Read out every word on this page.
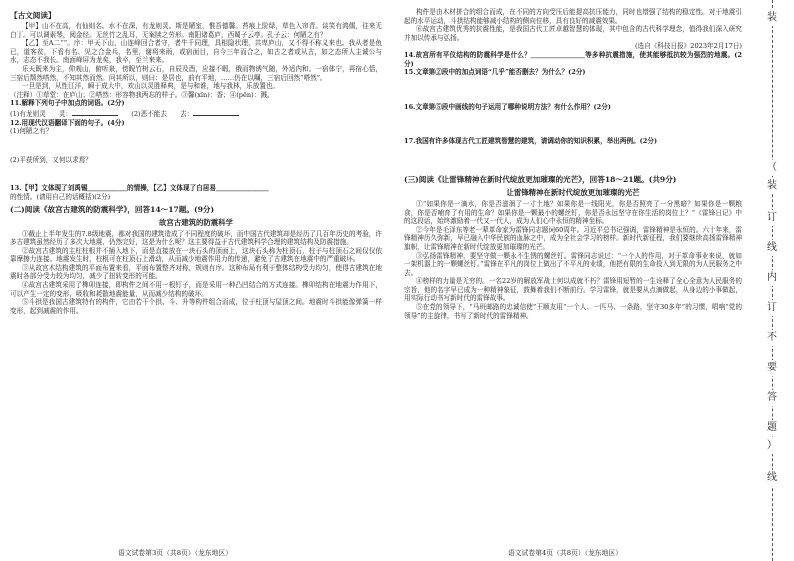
【古文阅读】

【甲】山不在高，有仙则名。水不在深，有龙则灵。斯是陋室，惟吾德馨。苔痕上阶绿，草色入帘青。谈笑有鸿儒，往来无白丁。可以调素琴，阅金经。无丝竹之乱耳，无案牍之劳形。南阳诸葛庐，西蜀子云亭。孔子云：何陋之有？

【乙】至A二“”。序：甲天下山，山连峰回合者守，者牛千同理，具相隐状理，共卑庐山，又不得不称义来也。我从者是鱼已，道客贫，下看有名、见之合金兵，名里，谢将来雨，或宿面目，自今三年而合之，如古之者或从古，如之态所人主诚公与水，志态不我长。南面峰屏为龙矣，我卒，至兰来来。

乐天既来为主，仰观山，俯听泉，傍睨竹树云石，自辰及酉，应接不暇，俄而物诱气随，外适内和。一宿体宁，再宿心恬，三宿后颓然嗒然，不知其然而然。问其所以，则曰：是居也，前有平地，……仍在以嘱，三宿后回然“嗒然”。

一旦是到，从性江洋，瞬于成大中，欢山以灵胜释典，是与和谁，地与我林，乐放置也。

（注释）①草堂：在庐山；②嗒然：形容物我两忘的样子。③馨(xīn)：香；④(pēn)：溅。

11.解释下列句子中加点的词语。(2分)

(1)有龙则灵　　灵：　　	(2)恶不能去　　去：

12.用现代汉语翻译下面的句子。(4分)

(1)何陋之有？

(2)平获所到，又何以求焉？

13.【甲】文体现了刘禹锡＿＿＿＿＿＿的情操，【乙】文体现了白居易＿＿＿＿＿＿＿＿

的性情。(请用自己的话概括)(2分)

(二)阅读《故宫古建筑的防震科学》，回答14～17题。(9分)
故宫古建筑的防震科学

①截止上半年发生的7.8级地震，都对我国的建筑造成了不同程度的破坏，而中国古代建筑却是经历了几百年历史的考验，许多古建筑虽然经历了多次大地震，仍然完好，这是为什么呢？这主要得益于古代建筑科学合理的建筑结构及防震措施。

②故宫古建筑的主柱柱根并不插入地下，而是直接放在一块石头的顶面上，这块石头称为柱顶石，柱子与柱顶石之间仅仅依靠摩擦力连接。地震发生时，柱根可在柱顶石上滑动，从而减少地震作用力的传递，避免了古建筑在地震中的严重破坏。

③从故宫木结构建筑的平面布置来看，平面布置整齐对称，规则有序。这种布局有利于整体结构受力均匀，使得古建筑在地震时各部分受力较为均匀，减少了扭转变形的可能。

④故宫古建筑采用了榫卯连接，即构件之间不用一根钉子，而是采用一种凸凹结合的方式连接。榫卯结构在地震力作用下，可以产生一定的变形，吸收和耗散地震能量，从而减少结构的破坏。

⑤斗拱是我国古建筑特有的构件，它由若干个拱、斗、升等构件组合而成，位于柱顶与屋顶之间。地震时斗拱能像弹簧一样变形，起到减震的作用。

语文试卷第3页（共8页）（龙东地区）

构件是由木材拼合的组合而成，在不同的方向受压后能提高抗压能力，同时也增强了结构的稳定性。对于地震引起的水平运动，斗拱结构能够减小结构的侧向位移，具有良好的减震效果。

⑥故宫古建筑优秀的抗震性能，是我国古代工匠卓越智慧的体现，其中包含的古代科学理念，值得我们深入研究并加以传承与弘扬。

(选自《科技日报》2023年2月17日)

14.故宫所有平仪结构的防震科学是什么？＿＿＿＿＿＿＿＿等多种抗震措施，使其能够抵抗较为强烈的地震。(2分)

15.文章第②段中的加点词语“几乎”能否删去？为什么？(2分)

16.文章第⑤段中画线的句子运用了哪种说明方法？有什么作用？(2分)

17.我国有许多体现古代工匠建筑智慧的建筑，请调动你的知识积累，举出两例。(2分)

(三)阅读《让雷锋精神在新时代绽放更加璀璨的光芒》，回答18～21题。(共9分)
让雷锋精神在新时代绽放更加璀璨的光芒

①“如果你是一滴水，你是否滋润了一寸土地？如果你是一线阳光，你是否照亮了一分黑暗？如果你是一颗粮食，你是否哺育了有用的生命？如果你是一颗最小的螺丝钉，你是否永远坚守在你生活的岗位上？”《雷锋日记》中的这段话，始终激励着一代又一代人，成为人们心中永恒的精神坐标。

②今年是毛泽东等老一辈革命家为雷锋同志题词60周年。习近平总书记强调，雷锋精神是永恒的。六十年来，雷锋精神历久弥新，早已融入中华民族的血脉之中，成为全社会学习的榜样。新时代新征程，我们要继续高扬雷锋精神旗帜，让雷锋精神在新时代绽放更加璀璨的光芒。

③弘扬雷锋精神，要坚守做一颗永不生锈的螺丝钉。雷锋同志说过：“一个人的作用，对于革命事业来说，就如一架机器上的一颗螺丝钉。”雷锋在平凡的岗位上做出了不平凡的业绩，他把有限的生命投入到无限的为人民服务之中去。

④榜样的力量是无穷的。一名22岁的解放军战士何以成就不朽？雷锋用短暂的一生诠释了全心全意为人民服务的宗旨，他的名字早已成为一种精神象征，鼓舞着我们不断前行。学习雷锋，就是要从点滴做起，从身边的小事做起，用实际行动书写新时代的雷锋故事。

⑤在党的领导下，“马班邮路的忠诚信使”王顺友用“一个人、一匹马、一条路，坚守30多年”的习惯，唱响“党的领导”的主旋律，书写了新时代的雷锋精神。

语文试卷第4页（共8页）（龙东地区）
装
（
装
订
线
内
订
不
要
答
题
）
线
